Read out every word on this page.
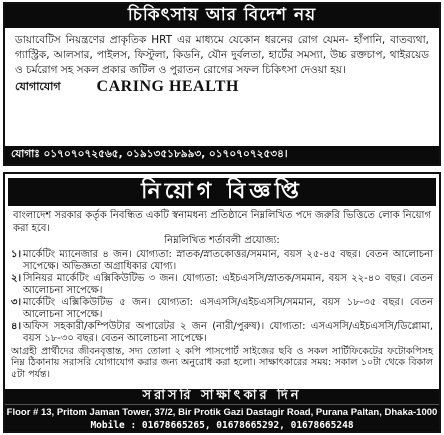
চিকিৎসায় আর বিদেশ নয়

ডায়াবেটিস নিয়ন্ত্রণের প্রাকৃতিক HRT এর মাধ্যমে যেকোন ধরনের রোগ যেমন- হাঁপানি, বাতব্যথা, গ্যাস্ট্রিক, আলসার, পাইলস, ফিস্টুলা, কিডনি, যৌন দুর্বলতা, হার্টের সমস্যা, উচ্চ রক্তচাপ, থাইরয়েড ও চর্মরোগ সহ সকল প্রকার জটিল ও পুরাতন রোগের সফল চিকিৎসা দেওয়া হয়।

যোগাযোগ CARING HEALTH
যোগাঃ ০১৭০৭০৭২৫৬৫, ০১৯১৩৫১৮৯৯৩, ০১৭০৭০৭২৫৩৪।
নিয়োগ বিজ্ঞপ্তি
বাংলাদেশ সরকার কর্তৃক নিবন্ধিত একটি স্বনামধন্য প্রতিষ্ঠানে নিম্নলিখিত পদে জরুরি ভিত্তিতে লোক নিয়োগ করা হবে।

নিম্নলিখিত শর্তাবলী প্রযোজ্য:

১। মার্কেটিং ম্যানেজার ৪ জন। যোগ্যতা: স্নাতক/স্নাতকোত্তর/সমমান, বয়স ২৫-৪৫ বছর। বেতন আলোচনা সাপেক্ষে। অভিজ্ঞতা অগ্রাধিকার যোগ্য।
২। সিনিয়র মার্কেটিং এক্সিকিউটিভ ৩ জন। যোগ্যতা: এইচএসসি/স্নাতক/সমমান, বয়স ২২-৪০ বছর। বেতন আলোচনা সাপেক্ষে।
৩। মার্কেটিং এক্সিকিউটিভ ৫ জন। যোগ্যতা: এসএসসি/এইচএসসি/সমমান, বয়স ১৮-৩৫ বছর। বেতন আলোচনা সাপেক্ষে।
৪। অফিস সহকারী/কম্পিউটার অপারেটর ২ জন (নারী/পুরুষ)। যোগ্যতা: এসএসসি/এইচএসসি/ডিপ্লোমা, বয়স ১৮-৩০ বছর। বেতন আলোচনা সাপেক্ষে।
আগ্রহী প্রার্থীদের জীবনবৃত্তান্ত, সদ্য তোলা ২ কপি পাসপোর্ট সাইজের ছবি ও সকল সার্টিফিকেটের ফটোকপিসহ নিম্ন ঠিকানায় সরাসরি যোগাযোগ করার জন্য অনুরোধ করা হলো। সাক্ষাৎকারের সময়: সকাল ১০টা থেকে বিকাল ৫টা পর্যন্ত।
সরাসরি সাক্ষাৎকার দিন
Floor # 13, Pritom Jaman Tower, 37/2, Bir Protik Gazi Dastagir Road, Purana Paltan, Dhaka-1000
Mobile : 01678665265, 01678665292, 01678665248
